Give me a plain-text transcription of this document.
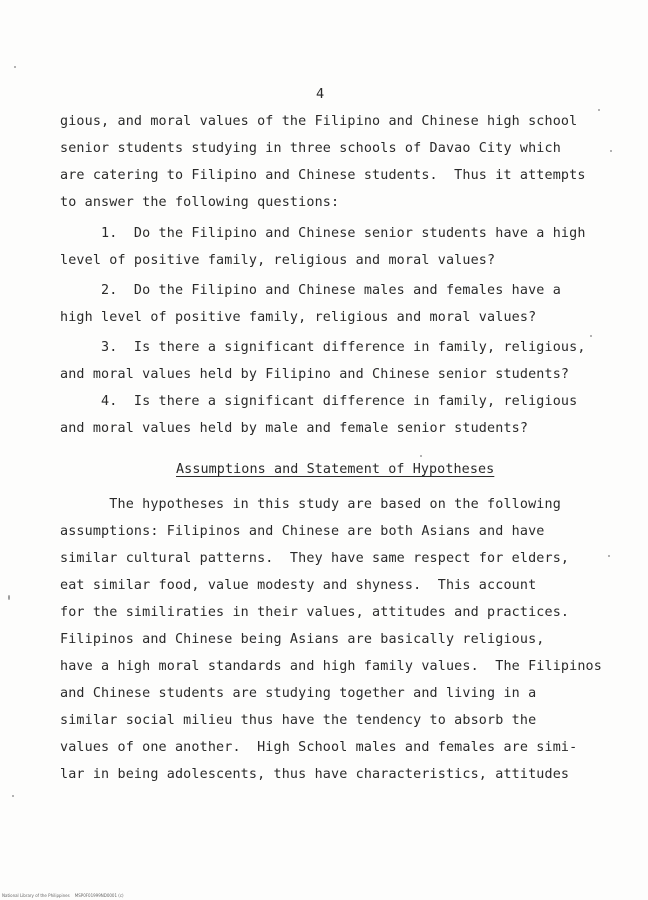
4
gious, and moral values of the Filipino and Chinese high school
senior students studying in three schools of Davao City which
are catering to Filipino and Chinese students.  Thus it attempts
to answer the following questions:
1.  Do the Filipino and Chinese senior students have a high
level of positive family, religious and moral values?
2.  Do the Filipino and Chinese males and females have a
high level of positive family, religious and moral values?
3.  Is there a significant difference in family, religious,
and moral values held by Filipino and Chinese senior students?
4.  Is there a significant difference in family, religious
and moral values held by male and female senior students?
Assumptions and Statement of Hypotheses
The hypotheses in this study are based on the following
assumptions: Filipinos and Chinese are both Asians and have
similar cultural patterns.  They have same respect for elders,
eat similar food, value modesty and shyness.  This account
for the similiraties in their values, attitudes and practices.
Filipinos and Chinese being Asians are basically religious,
have a high moral standards and high family values.  The Filipinos
and Chinese students are studying together and living in a
similar social milieu thus have the tendency to absorb the
values of one another.  High School males and females are simi-
lar in being adolescents, thus have characteristics, attitudes
National Library of the Philippines    MSP0F01999ND0001 (c)
